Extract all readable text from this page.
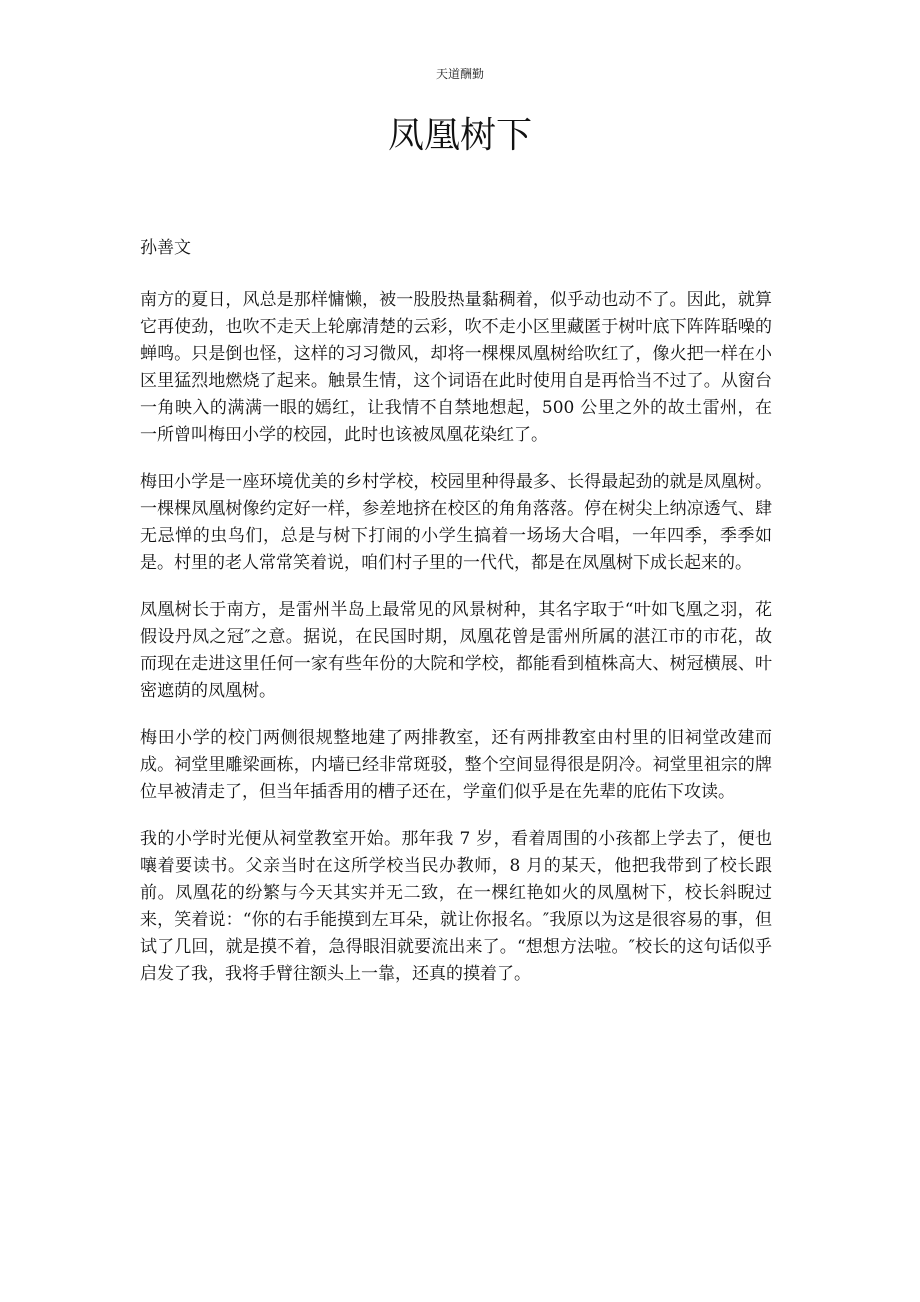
天道酬勤
凤凰树下
孙善文

南方的夏日，风总是那样慵懒，被一股股热量黏稠着，似乎动也动不了。因此，就算它再使劲，也吹不走天上轮廓清楚的云彩，吹不走小区里藏匿于树叶底下阵阵聒噪的蝉鸣。只是倒也怪，这样的习习微风，却将一棵棵凤凰树给吹红了，像火把一样在小区里猛烈地燃烧了起来。触景生情，这个词语在此时使用自是再恰当不过了。从窗台一角映入的满满一眼的嫣红，让我情不自禁地想起，500 公里之外的故土雷州，在一所曾叫梅田小学的校园，此时也该被凤凰花染红了。

梅田小学是一座环境优美的乡村学校，校园里种得最多、长得最起劲的就是凤凰树。一棵棵凤凰树像约定好一样，参差地挤在校区的角角落落。停在树尖上纳凉透气、肆无忌惮的虫鸟们，总是与树下打闹的小学生搞着一场场大合唱，一年四季，季季如是。村里的老人常常笑着说，咱们村子里的一代代，都是在凤凰树下成长起来的。

凤凰树长于南方，是雷州半岛上最常见的风景树种，其名字取于“叶如飞凰之羽，花假设丹凤之冠″之意。据说，在民国时期，凤凰花曾是雷州所属的湛江市的市花，故而现在走进这里任何一家有些年份的大院和学校，都能看到植株高大、树冠横展、叶密遮荫的凤凰树。

梅田小学的校门两侧很规整地建了两排教室，还有两排教室由村里的旧祠堂改建而成。祠堂里雕梁画栋，内墙已经非常斑驳，整个空间显得很是阴冷。祠堂里祖宗的牌位早被清走了，但当年插香用的槽子还在，学童们似乎是在先辈的庇佑下攻读。

我的小学时光便从祠堂教室开始。那年我 7 岁，看着周围的小孩都上学去了，便也嚷着要读书。父亲当时在这所学校当民办教师，8 月的某天，他把我带到了校长跟前。凤凰花的纷繁与今天其实并无二致，在一棵红艳如火的凤凰树下，校长斜睨过来，笑着说：“你的右手能摸到左耳朵，就让你报名。″我原以为这是很容易的事，但试了几回，就是摸不着，急得眼泪就要流出来了。“想想方法啦。″校长的这句话似乎启发了我，我将手臂往额头上一靠，还真的摸着了。
